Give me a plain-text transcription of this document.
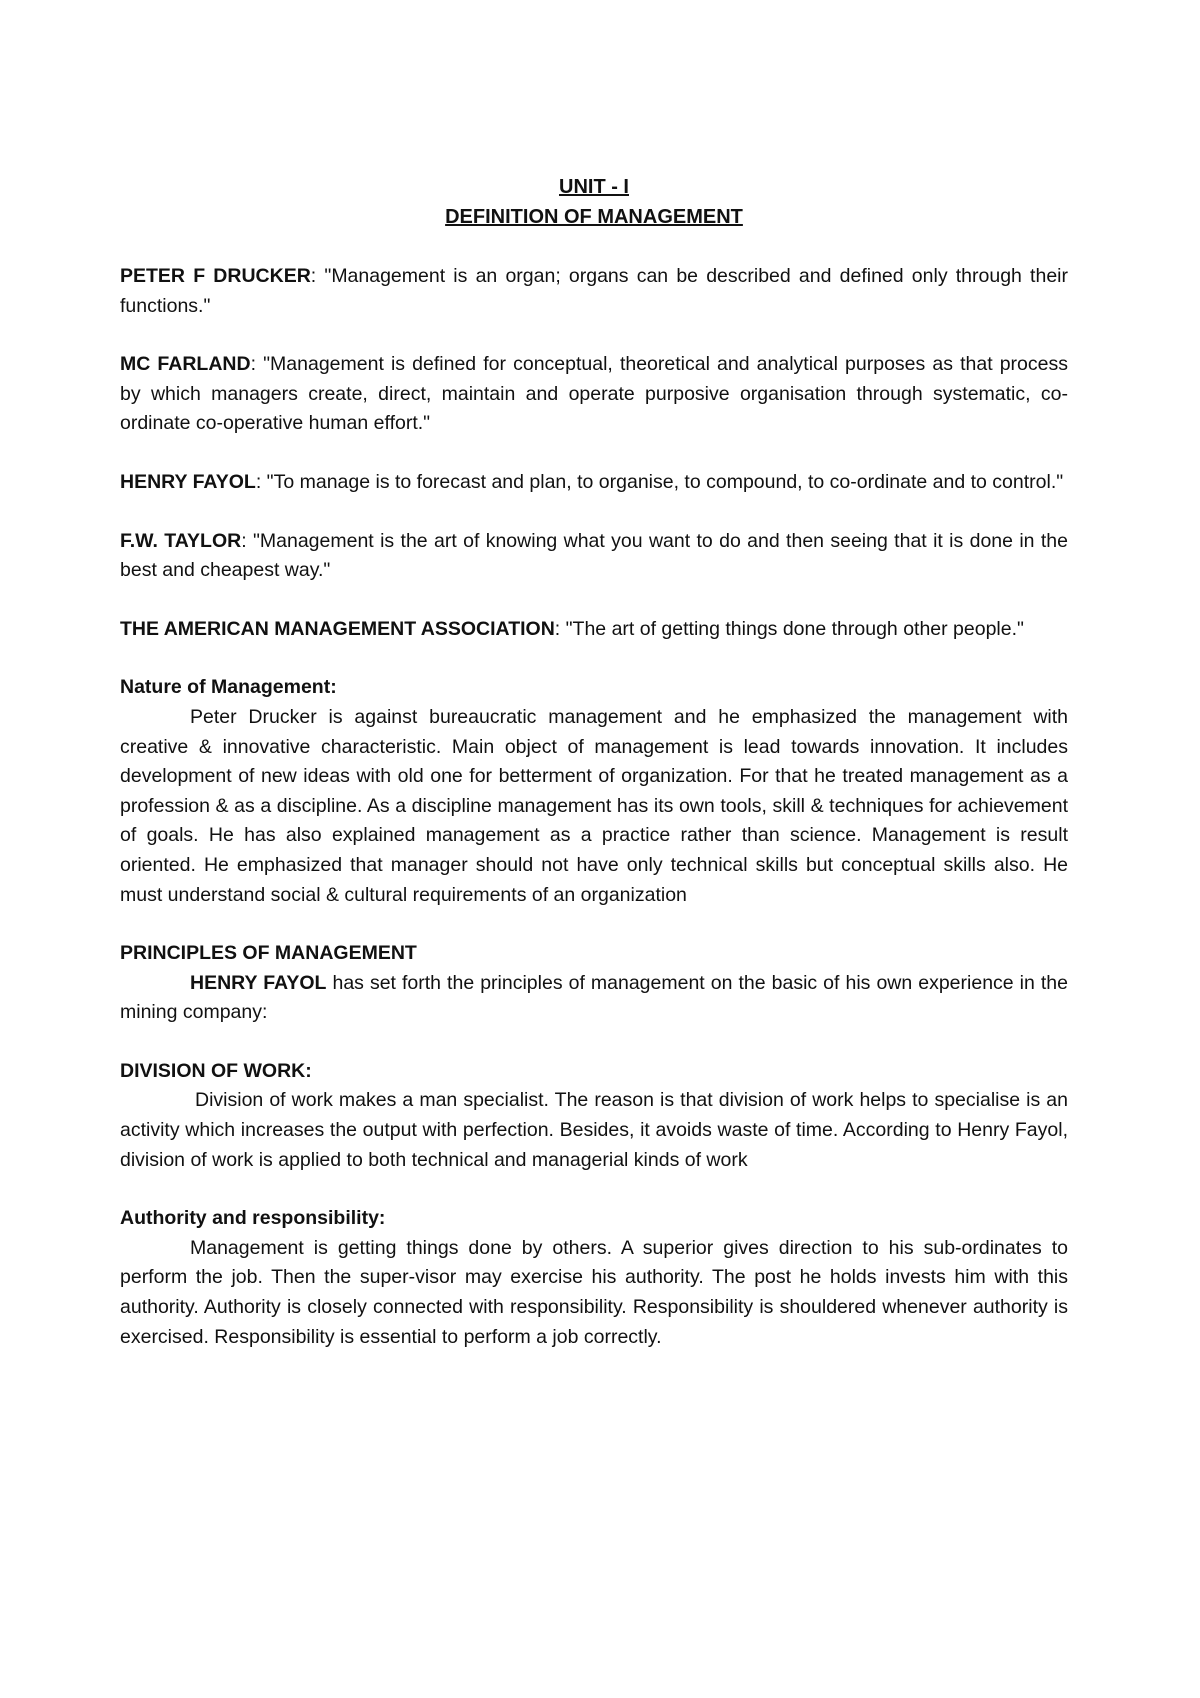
UNIT - I

DEFINITION OF MANAGEMENT

PETER F DRUCKER: "Management is an organ; organs can be described and defined only through their functions."

MC FARLAND: "Management is defined for conceptual, theoretical and analytical purposes as that process by which managers create, direct, maintain and operate purposive organisation through systematic, co-ordinate co-operative human effort."

HENRY FAYOL: "To manage is to forecast and plan, to organise, to compound, to co-ordinate and to control."

F.W. TAYLOR: "Management is the art of knowing what you want to do and then seeing that it is done in the best and cheapest way."

THE AMERICAN MANAGEMENT ASSOCIATION: "The art of getting things done through other people."

Nature of Management:

Peter Drucker is against bureaucratic management and he emphasized the management with creative & innovative characteristic. Main object of management is lead towards innovation. It includes development of new ideas with old one for betterment of organization. For that he treated management as a profession & as a discipline. As a discipline management has its own tools, skill & techniques for achievement of goals. He has also explained management as a practice rather than science. Management is result oriented. He emphasized that manager should not have only technical skills but conceptual skills also. He must understand social & cultural requirements of an organization

PRINCIPLES OF MANAGEMENT

HENRY FAYOL has set forth the principles of management on the basic of his own experience in the mining company:

DIVISION OF WORK:

Division of work makes a man specialist. The reason is that division of work helps to specialise is an activity which increases the output with perfection. Besides, it avoids waste of time. According to Henry Fayol, division of work is applied to both technical and managerial kinds of work

Authority and responsibility:

Management is getting things done by others. A superior gives direction to his sub-ordinates to perform the job. Then the super-visor may exercise his authority. The post he holds invests him with this authority. Authority is closely connected with responsibility. Responsibility is shouldered whenever authority is exercised. Responsibility is essential to perform a job correctly.
